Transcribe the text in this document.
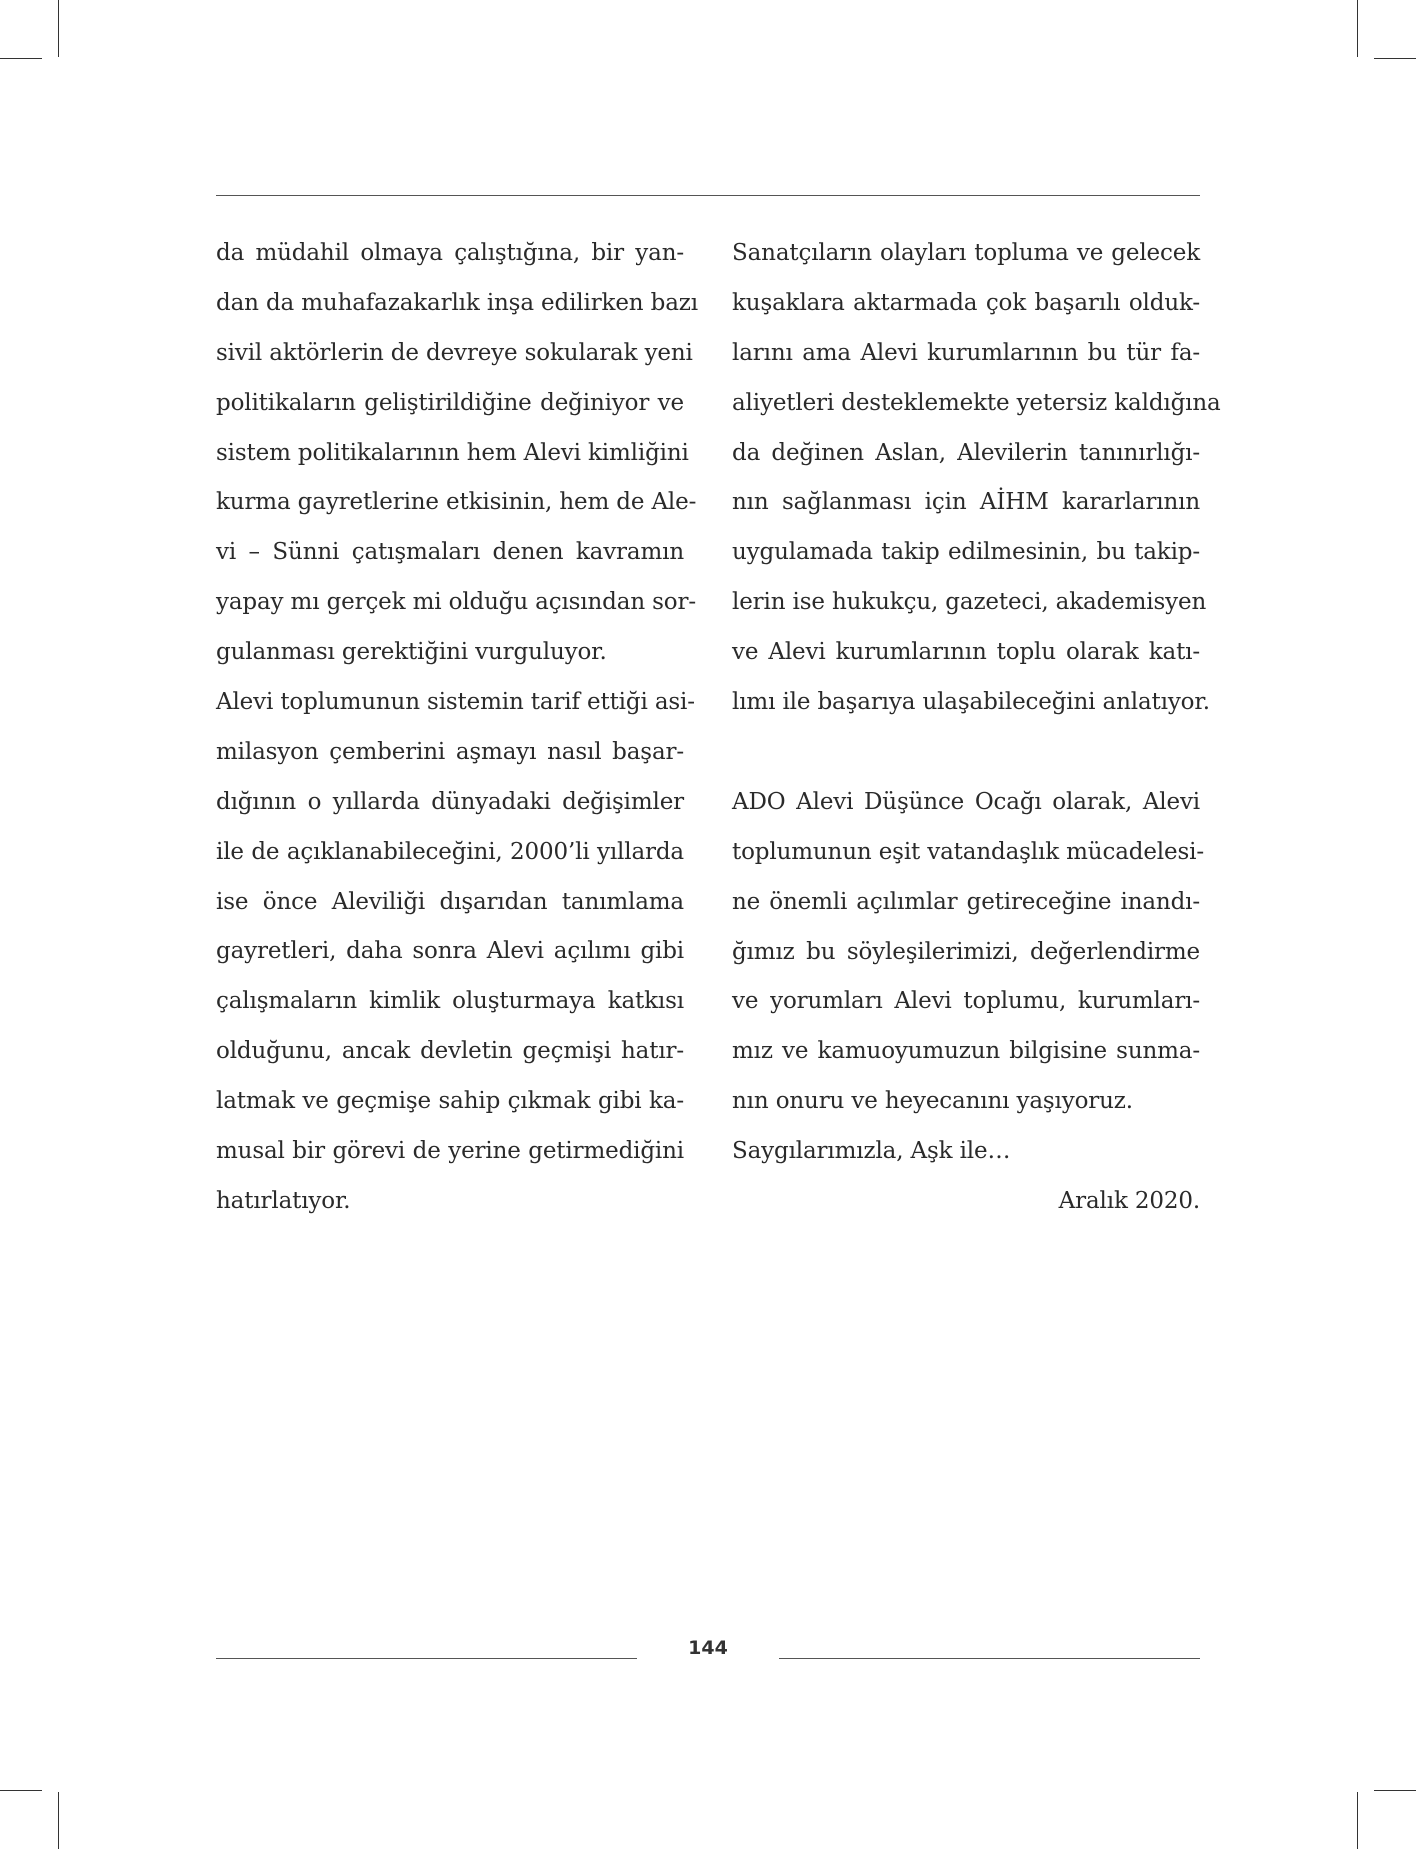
da müdahil olmaya çalıştığına, bir yan-
dan da muhafazakarlık inşa edilirken bazı
sivil aktörlerin de devreye sokularak yeni
politikaların geliştirildiğine değiniyor ve
sistem politikalarının hem Alevi kimliğini
kurma gayretlerine etkisinin, hem de Ale-
vi – Sünni çatışmaları denen kavramın
yapay mı gerçek mi olduğu açısından sor-
gulanması gerektiğini vurguluyor.
Alevi toplumunun sistemin tarif ettiği asi-
milasyon çemberini aşmayı nasıl başar-
dığının o yıllarda dünyadaki değişimler
ile de açıklanabileceğini, 2000’li yıllarda
ise önce Aleviliği dışarıdan tanımlama
gayretleri, daha sonra Alevi açılımı gibi
çalışmaların kimlik oluşturmaya katkısı
olduğunu, ancak devletin geçmişi hatır-
latmak ve geçmişe sahip çıkmak gibi ka-
musal bir görevi de yerine getirmediğini
hatırlatıyor.
Sanatçıların olayları topluma ve gelecek
kuşaklara aktarmada çok başarılı olduk-
larını ama Alevi kurumlarının bu tür fa-
aliyetleri desteklemekte yetersiz kaldığına
da değinen Aslan, Alevilerin tanınırlığı-
nın sağlanması için AİHM kararlarının
uygulamada takip edilmesinin, bu takip-
lerin ise hukukçu, gazeteci, akademisyen
ve Alevi kurumlarının toplu olarak katı-
lımı ile başarıya ulaşabileceğini anlatıyor.
ADO Alevi Düşünce Ocağı olarak, Alevi
toplumunun eşit vatandaşlık mücadelesi-
ne önemli açılımlar getireceğine inandı-
ğımız bu söyleşilerimizi, değerlendirme
ve yorumları Alevi toplumu, kurumları-
mız ve kamuoyumuzun bilgisine sunma-
nın onuru ve heyecanını yaşıyoruz.
Saygılarımızla, Aşk ile…
Aralık 2020.
144
